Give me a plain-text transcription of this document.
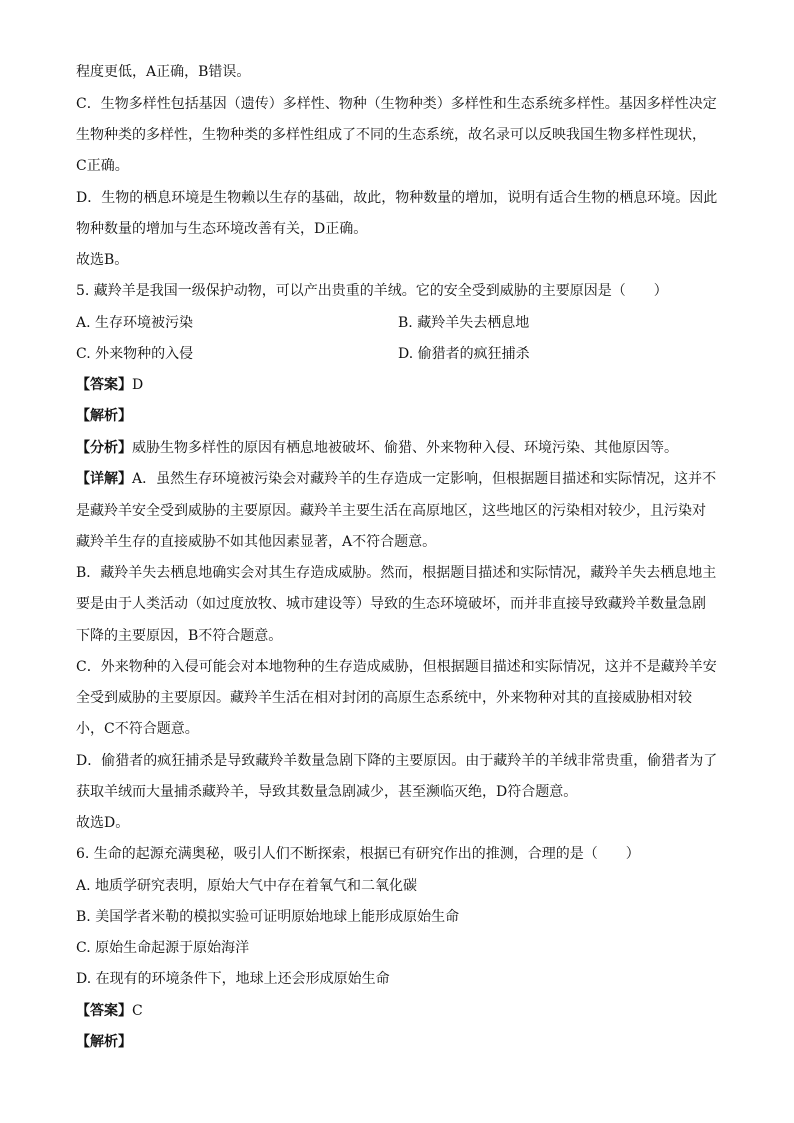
程度更低，A正确，B错误。
C．生物多样性包括基因（遗传）多样性、物种（生物种类）多样性和生态系统多样性。基因多样性决定
生物种类的多样性，生物种类的多样性组成了不同的生态系统，故名录可以反映我国生物多样性现状，
C正确。
D．生物的栖息环境是生物赖以生存的基础，故此，物种数量的增加，说明有适合生物的栖息环境。因此
物种数量的增加与生态环境改善有关，D正确。
故选B。
5. 藏羚羊是我国一级保护动物，可以产出贵重的羊绒。它的安全受到威胁的主要原因是（　　）
A. 生存环境被污染	B. 藏羚羊失去栖息地
C. 外来物种的入侵	D. 偷猎者的疯狂捕杀
【答案】D
【解析】
【分析】威胁生物多样性的原因有栖息地被破坏、偷猎、外来物种入侵、环境污染、其他原因等。
【详解】A．虽然生存环境被污染会对藏羚羊的生存造成一定影响，但根据题目描述和实际情况，这并不
是藏羚羊安全受到威胁的主要原因。藏羚羊主要生活在高原地区，这些地区的污染相对较少，且污染对
藏羚羊生存的直接威胁不如其他因素显著，A不符合题意。
B．藏羚羊失去栖息地确实会对其生存造成威胁。然而，根据题目描述和实际情况，藏羚羊失去栖息地主
要是由于人类活动（如过度放牧、城市建设等）导致的生态环境破坏，而并非直接导致藏羚羊数量急剧
下降的主要原因，B不符合题意。
C．外来物种的入侵可能会对本地物种的生存造成威胁，但根据题目描述和实际情况，这并不是藏羚羊安
全受到威胁的主要原因。藏羚羊生活在相对封闭的高原生态系统中，外来物种对其的直接威胁相对较
小，C不符合题意。
D．偷猎者的疯狂捕杀是导致藏羚羊数量急剧下降的主要原因。由于藏羚羊的羊绒非常贵重，偷猎者为了
获取羊绒而大量捕杀藏羚羊，导致其数量急剧减少，甚至濒临灭绝，D符合题意。
故选D。
6. 生命的起源充满奥秘，吸引人们不断探索，根据已有研究作出的推测，合理的是（　　）
A. 地质学研究表明，原始大气中存在着氧气和二氧化碳
B. 美国学者米勒的模拟实验可证明原始地球上能形成原始生命
C. 原始生命起源于原始海洋
D. 在现有的环境条件下，地球上还会形成原始生命
【答案】C
【解析】
